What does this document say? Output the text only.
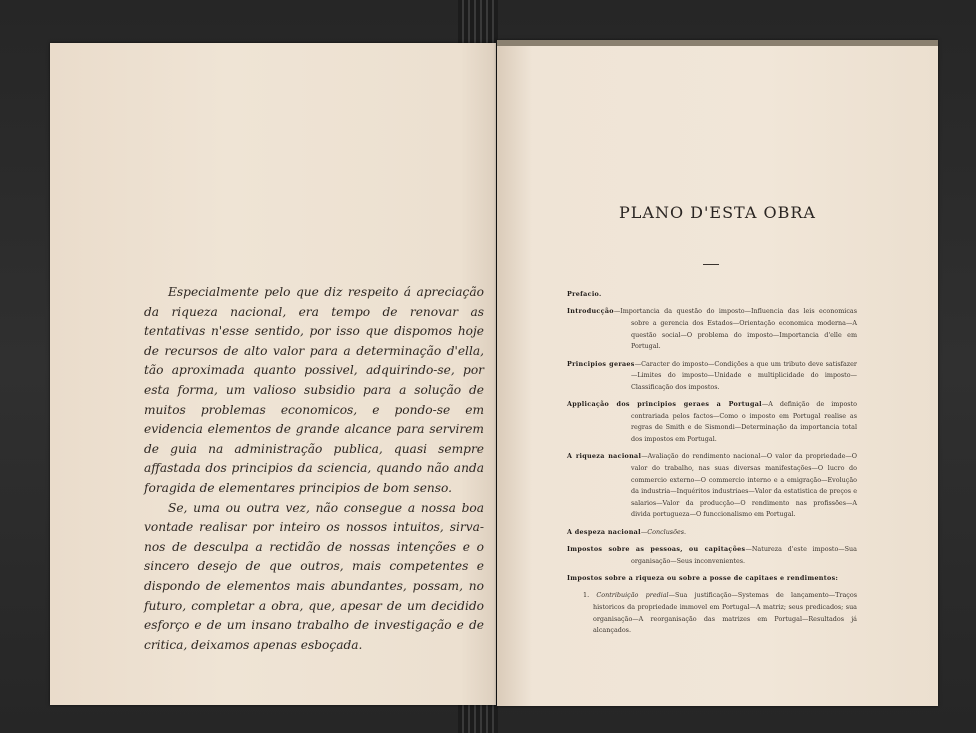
Especialmente pelo que diz respeito á apreciação da riqueza nacional, era tempo de renovar as tentativas n'esse sentido, por isso que dispomos hoje de recursos de alto valor para a determinação d'ella, tão aproximada quanto possivel, adquirindo-se, por esta forma, um valioso subsidio para a solução de muitos problemas economicos, e pondo-se em evidencia elementos de grande alcance para servirem de guia na administração publica, quasi sempre affastada dos principios da sciencia, quando não anda foragida de elementares principios de bom senso.

Se, uma ou outra vez, não consegue a nossa boa vontade realisar por inteiro os nossos intuitos, sirva-nos de desculpa a rectidão de nossas intenções e o sincero desejo de que outros, mais competentes e dispondo de elementos mais abundantes, possam, no futuro, completar a obra, que, apesar de um decidido esforço e de um insano trabalho de investigação e de critica, deixamos apenas esboçada.

PLANO D'ESTA OBRA

Prefacio.

Introducção—Importancia da questão do imposto—Influencia das leis economicas sobre a gerencia dos Estados—Orientação economica moderna—A questão social—O problema do imposto—Importancia d'elle em Portugal.

Principios geraes—Caracter do imposto—Condições a que um tributo deve satisfazer—Limites do imposto—Unidade e multiplicidade do imposto—Classificação dos impostos.

Applicação dos principios geraes a Portugal—A definição de imposto contrariada pelos factos—Como o imposto em Portugal realise as regras de Smith e de Sismondi—Determinação da importancia total dos impostos em Portugal.

A riqueza nacional—Avaliação do rendimento nacional—O valor da propriedade—O valor do trabalho, nas suas diversas manifestações—O lucro do commercio externo—O commercio interno e a emigração—Evolução da industria—Inquéritos industriaes—Valor da estatistica de preços e salarios—Valor da producção—O rendimento nas profissões—A divida portugueza—O funccionalismo em Portugal.

A despeza nacional—Conclusões.

Impostos sobre as pessoas, ou capitações—Natureza d'este imposto—Sua organisação—Seus inconvenientes.

Impostos sobre a riqueza ou sobre a posse de capitaes e rendimentos:

1. Contribuição predial—Sua justificação—Systemas de lançamento—Traços historicos da propriedade immovel em Portugal—A matriz; seus predicados; sua organisação—A reorganisação das matrizes em Portugal—Resultados já alcançados.
